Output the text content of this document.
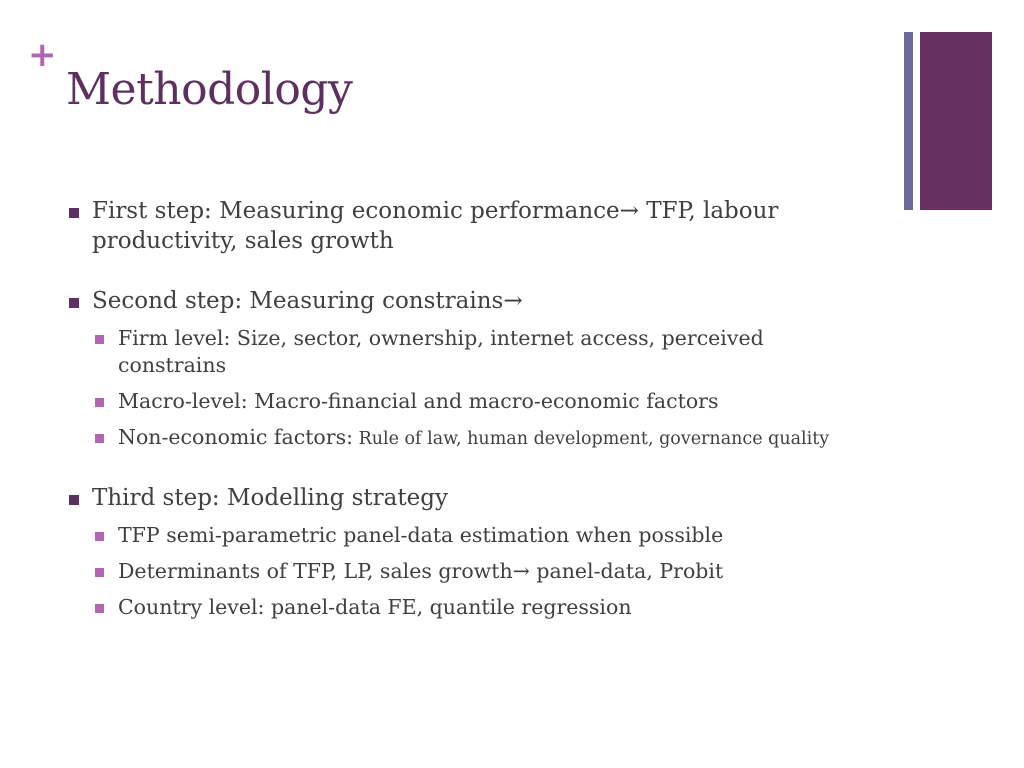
+
Methodology
First step: Measuring economic performance→ TFP, labour productivity, sales growth
Second step: Measuring constrains→
Firm level: Size, sector, ownership, internet access, perceived constrains
Macro-level: Macro-financial and macro-economic factors
Non-economic factors: Rule of law, human development, governance quality
Third step: Modelling strategy
TFP semi-parametric panel-data estimation when possible
Determinants of TFP, LP, sales growth→ panel-data, Probit
Country level: panel-data FE, quantile regression
